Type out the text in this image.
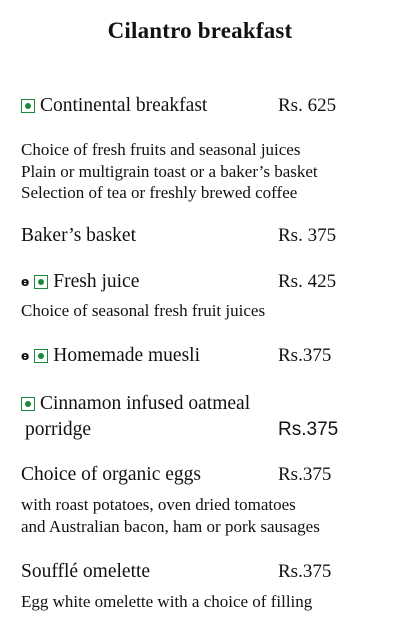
Cilantro breakfast
Continental breakfast	Rs. 625
Choice of fresh fruits and seasonal juices
Plain or multigrain toast or a baker’s basket
Selection of tea or freshly brewed coffee
Baker’s basket	Rs. 375
ɵ Fresh juice	Rs. 425
Choice of seasonal fresh fruit juices
ɵ Homemade muesli	Rs.375
Cinnamon infused oatmeal
porridge	Rs.375
Choice of organic eggs	Rs.375
with roast potatoes, oven dried tomatoes
and Australian bacon, ham or pork sausages
Soufflé omelette	Rs.375
Egg white omelette with a choice of filling
